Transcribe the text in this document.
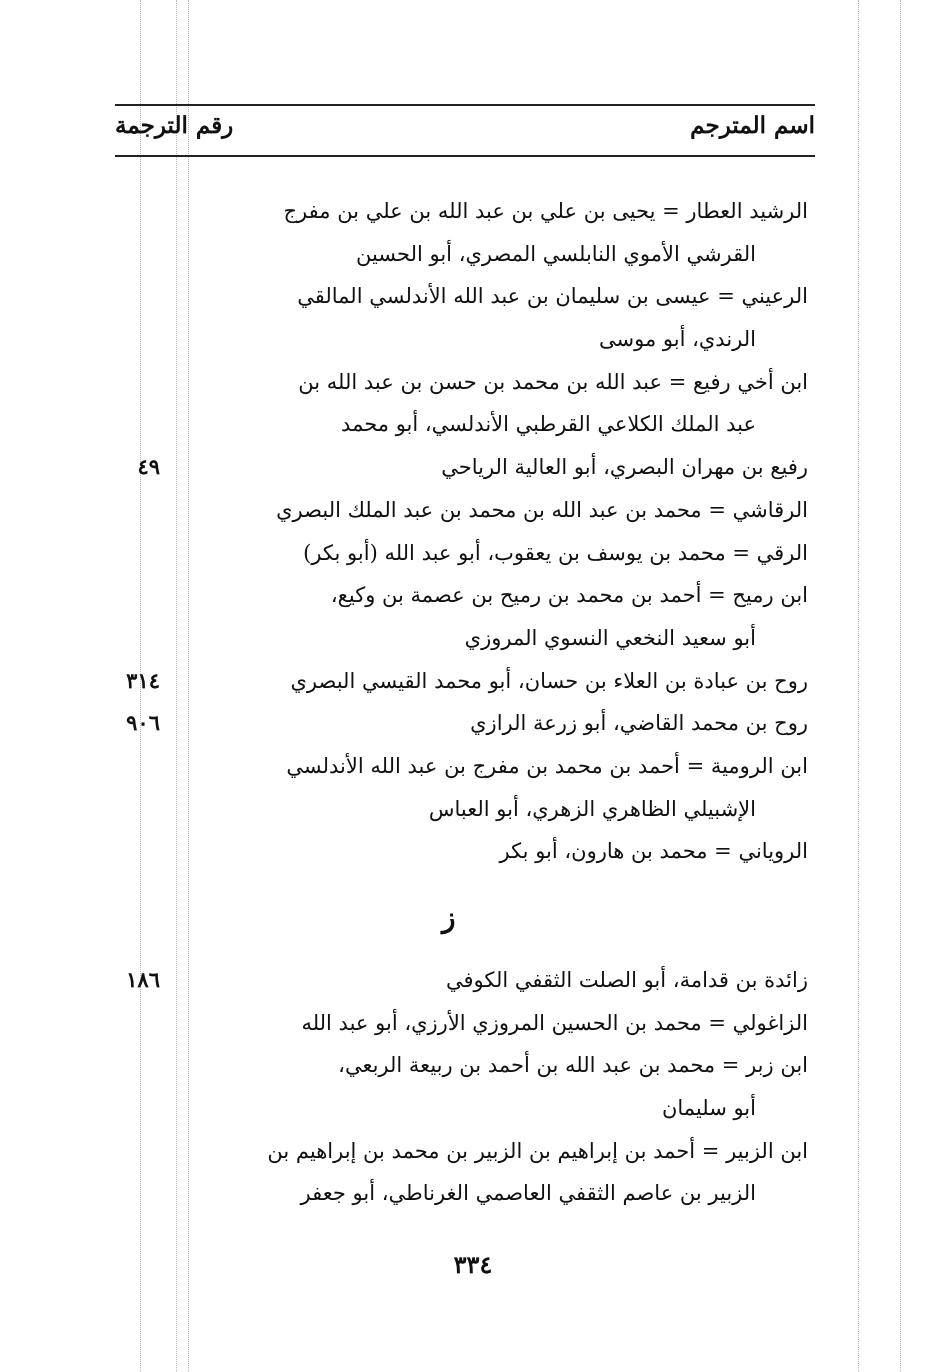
اسم المترجم
رقم الترجمة
الرشيد العطار = يحيى بن علي بن عبد الله بن علي بن مفرج
القرشي الأموي النابلسي المصري، أبو الحسين
الرعيني = عيسى بن سليمان بن عبد الله الأندلسي المالقي
الرندي، أبو موسى
ابن أخي رفيع = عبد الله بن محمد بن حسن بن عبد الله بن
عبد الملك الكلاعي القرطبي الأندلسي، أبو محمد
رفيع بن مهران البصري، أبو العالية الرياحي
٤٩
الرقاشي = محمد بن عبد الله بن محمد بن عبد الملك البصري
الرقي = محمد بن يوسف بن يعقوب، أبو عبد الله (أبو بكر)
ابن رميح = أحمد بن محمد بن رميح بن عصمة بن وكيع،
أبو سعيد النخعي النسوي المروزي
روح بن عبادة بن العلاء بن حسان، أبو محمد القيسي البصري
٣١٤
روح بن محمد القاضي، أبو زرعة الرازي
٩٠٦
ابن الرومية = أحمد بن محمد بن مفرج بن عبد الله الأندلسي
الإشبيلي الظاهري الزهري، أبو العباس
الروياني = محمد بن هارون، أبو بكر
ز
زائدة بن قدامة، أبو الصلت الثقفي الكوفي
١٨٦
الزاغولي = محمد بن الحسين المروزي الأرزي، أبو عبد الله
ابن زبر = محمد بن عبد الله بن أحمد بن ربيعة الربعي،
أبو سليمان
ابن الزبير = أحمد بن إبراهيم بن الزبير بن محمد بن إبراهيم بن
الزبير بن عاصم الثقفي العاصمي الغرناطي، أبو جعفر
٣٣٤
